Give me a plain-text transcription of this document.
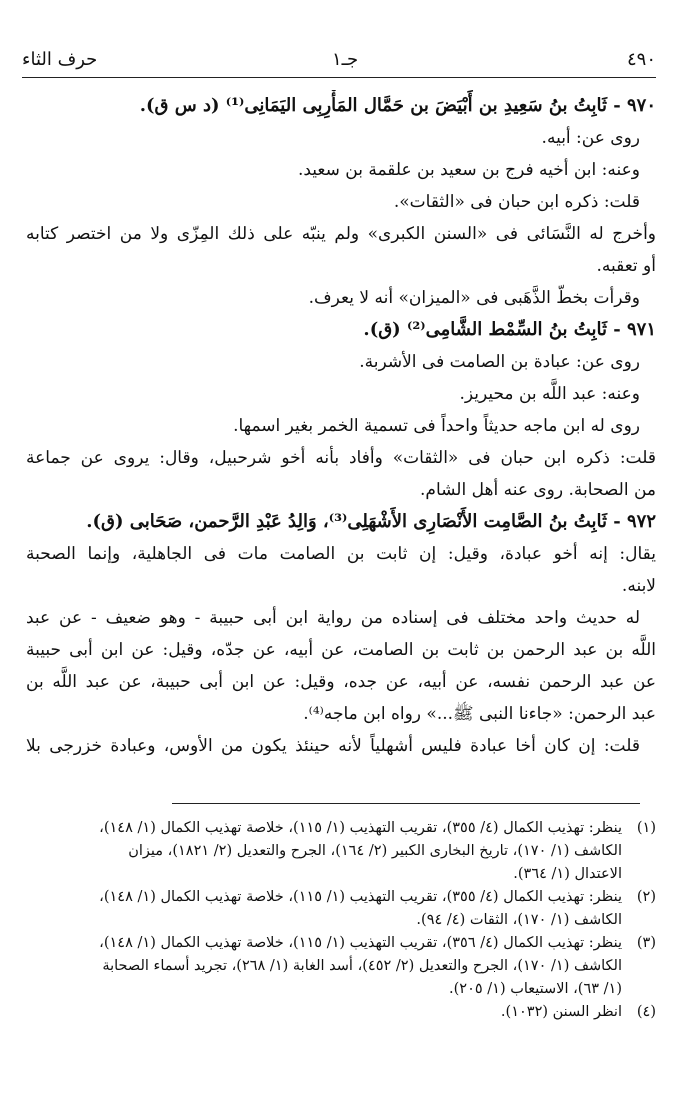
٤٩٠
جـ١
حرف الثاء
٩٧٠ - ثَابِتُ بنُ سَعِيدِ بن أَبْيَضَ بن حَمَّال المَأْرِبِى اليَمَانِى⁽¹⁾ (د س ق).
روى عن: أبيه.
وعنه: ابن أخيه فرج بن سعيد بن علقمة بن سعيد.
قلت: ذكره ابن حبان فى «الثقات».
وأخرج له النَّسَائى فى «السنن الكبرى» ولم ينبّه على ذلك المِزّى ولا من اختصر كتابه
أو تعقبه.
وقرأت بخطّ الذَّهَبى فى «الميزان» أنه لا يعرف.
٩٧١ - ثَابِتُ بنُ السِّمْط الشَّامِى⁽²⁾ (ق).
روى عن: عبادة بن الصامت فى الأشربة.
وعنه: عبد اللَّه بن محيريز.
روى له ابن ماجه حديثاً واحداً فى تسمية الخمر بغير اسمها.
قلت: ذكره ابن حبان فى «الثقات» وأفاد بأنه أخو شرحبيل، وقال: يروى عن جماعة
من الصحابة. روى عنه أهل الشام.
٩٧٢ - ثَابِتُ بنُ الصَّامِت الأَنْصَارِى الأَشْهَلِى⁽³⁾، وَالِدُ عَبْدِ الرَّحمن، صَحَابى (ق).
يقال: إنه أخو عبادة، وقيل: إن ثابت بن الصامت مات فى الجاهلية، وإنما الصحبة
لابنه.
له حديث واحد مختلف فى إسناده من رواية ابن أبى حبيبة - وهو ضعيف - عن عبد
اللَّه بن عبد الرحمن بن ثابت بن الصامت، عن أبيه، عن جدّه، وقيل: عن ابن أبى حبيبة
عن عبد الرحمن نفسه، عن أبيه، عن جده، وقيل: عن ابن أبى حبيبة، عن عبد اللَّه بن
عبد الرحمن: «جاءنا النبى ﷺ...» رواه ابن ماجه⁽⁴⁾.
قلت: إن كان أخا عبادة فليس أشهلياً لأنه حينئذ يكون من الأوس، وعبادة خزرجى بلا
(١)
ينظر: تهذيب الكمال (٤/ ٣٥٥)، تقريب التهذيب (١/ ١١٥)، خلاصة تهذيب الكمال (١/ ١٤٨)،
الكاشف (١/ ١٧٠)، تاريخ البخارى الكبير (٢/ ١٦٤)، الجرح والتعديل (٢/ ١٨٢١)، ميزان
الاعتدال (١/ ٣٦٤).
(٢)
ينظر: تهذيب الكمال (٤/ ٣٥٥)، تقريب التهذيب (١/ ١١٥)، خلاصة تهذيب الكمال (١/ ١٤٨)،
الكاشف (١/ ١٧٠)، الثقات (٤/ ٩٤).
(٣)
ينظر: تهذيب الكمال (٤/ ٣٥٦)، تقريب التهذيب (١/ ١١٥)، خلاصة تهذيب الكمال (١/ ١٤٨)،
الكاشف (١/ ١٧٠)، الجرح والتعديل (٢/ ٤٥٢)، أسد الغابة (١/ ٢٦٨)، تجريد أسماء الصحابة
(١/ ٦٣)، الاستيعاب (١/ ٢٠٥).
(٤)
انظر السنن (١٠٣٢).
